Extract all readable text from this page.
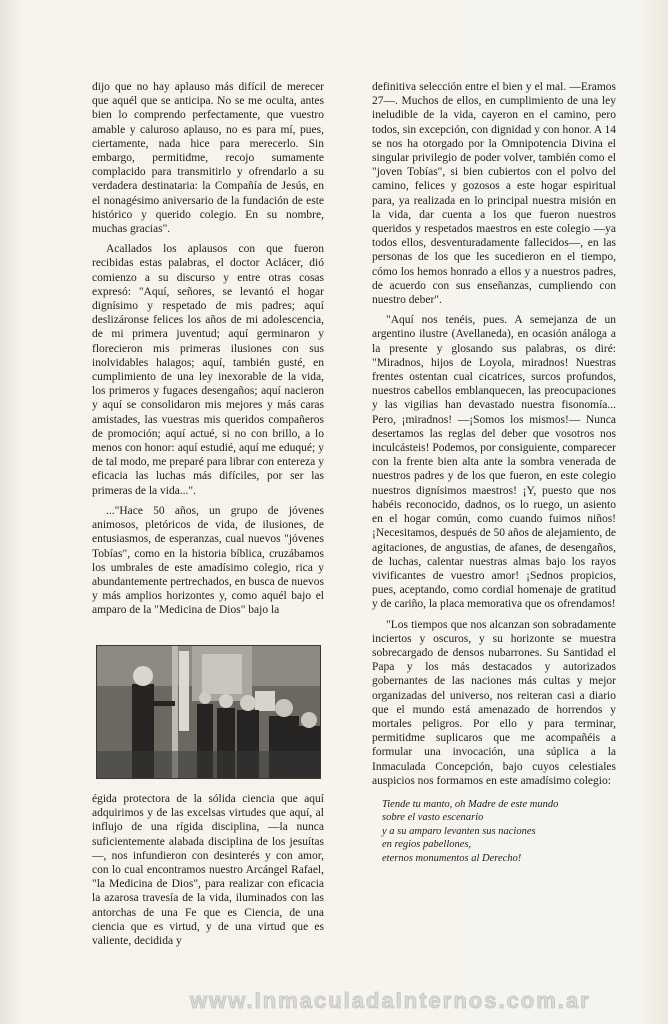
dijo que no hay aplauso más difícil de merecer que aquél que se anticipa. No se me oculta, antes bien lo comprendo perfectamente, que vuestro amable y caluroso aplauso, no es para mí, pues, ciertamente, nada hice para merecerlo. Sin embargo, permitidme, recojo sumamente complacido para transmitirlo y ofrendarlo a su verdadera destinataria: la Compañía de Jesús, en el nonagésimo aniversario de la fundación de este histórico y querido colegio. En su nombre, muchas gracias".

Acallados los aplausos con que fueron recibidas estas palabras, el doctor Aclácer, dió comienzo a su discurso y entre otras cosas expresó: "Aquí, señores, se levantó el hogar dignísimo y respetado de mis padres; aquí deslizáronse felices los años de mi adolescencia, de mi primera juventud; aquí germinaron y florecieron mis primeras ilusiones con sus inolvidables halagos; aquí, también gusté, en cumplimiento de una ley inexorable de la vida, los primeros y fugaces desengaños; aquí nacieron y aquí se consolidaron mis mejores y más caras amistades, las vuestras mis queridos compañeros de promoción; aquí actué, si no con brillo, a lo menos con honor: aquí estudié, aquí me eduqué; y de tal modo, me preparé para librar con entereza y eficacia las luchas más difíciles, por ser las primeras de la vida...".

..."Hace 50 años, un grupo de jóvenes animosos, pletóricos de vida, de ilusiones, de entusiasmos, de esperanzas, cual nuevos "jóvenes Tobías", como en la historia bíblica, cruzábamos los umbrales de este amadísimo colegio, rica y abundantemente pertrechados, en busca de nuevos y más amplios horizontes y, como aquél bajo el amparo de la "Medicina de Dios" bajo la

égida protectora de la sólida ciencia que aquí adquirimos y de las excelsas virtudes que aquí, al influjo de una rígida disciplina, —la nunca suficientemente alabada disciplina de los jesuítas—, nos infundieron con desinterés y con amor, con lo cual encontramos nuestro Arcángel Rafael, "la Medicina de Dios", para realizar con eficacia la azarosa travesía de la vida, iluminados con las antorchas de una Fe que es Ciencia, de una ciencia que es virtud, y de una virtud que es valiente, decidida y

definitiva selección entre el bien y el mal. —Eramos 27—. Muchos de ellos, en cumplimiento de una ley ineludible de la vida, cayeron en el camino, pero todos, sin excepción, con dignidad y con honor. A 14 se nos ha otorgado por la Omnipotencia Divina el singular privilegio de poder volver, también como el "joven Tobías", si bien cubiertos con el polvo del camino, felices y gozosos a este hogar espiritual para, ya realizada en lo principal nuestra misión en la vida, dar cuenta a los que fueron nuestros queridos y respetados maestros en este colegio —ya todos ellos, desventuradamente fallecidos—, en las personas de los que les sucedieron en el tiempo, cómo los hemos honrado a ellos y a nuestros padres, de acuerdo con sus enseñanzas, cumpliendo con nuestro deber".

"Aquí nos tenéis, pues. A semejanza de un argentino ilustre (Avellaneda), en ocasión análoga a la presente y glosando sus palabras, os diré: "Miradnos, hijos de Loyola, miradnos! Nuestras frentes ostentan cual cicatrices, surcos profundos, nuestros cabellos emblanquecen, las preocupaciones y las vigilias han devastado nuestra fisonomía... Pero, ¡miradnos! —¡Somos los mismos!— Nunca desertamos las reglas del deber que vosotros nos inculcásteis! Podemos, por consiguiente, comparecer con la frente bien alta ante la sombra venerada de nuestros padres y de los que fueron, en este colegio nuestros dignísimos maestros! ¡Y, puesto que nos habéis reconocido, dadnos, os lo ruego, un asiento en el hogar común, como cuando fuimos niños! ¡Necesitamos, después de 50 años de alejamiento, de agitaciones, de angustias, de afanes, de desengaños, de luchas, calentar nuestras almas bajo los rayos vivificantes de vuestro amor! ¡Sednos propicios, pues, aceptando, como cordial homenaje de gratitud y de cariño, la placa memorativa que os ofrendamos!

"Los tiempos que nos alcanzan son sobradamente inciertos y oscuros, y su horizonte se muestra sobrecargado de densos nubarrones. Su Santidad el Papa y los más destacados y autorizados gobernantes de las naciones más cultas y mejor organizadas del universo, nos reiteran casi a diario que el mundo está amenazado de horrendos y mortales peligros. Por ello y para terminar, permitidme suplicaros que me acompañéis a formular una invocación, una súplica a la Inmaculada Concepción, bajo cuyos celestiales auspicios nos formamos en este amadísimo colegio:

Tiende tu manto, oh Madre de este mundo
sobre el vasto escenario
y a su amparo levanten sus naciones
en regios pabellones,
eternos monumentos al Derecho!
www.InmaculadaInternos.com.ar
